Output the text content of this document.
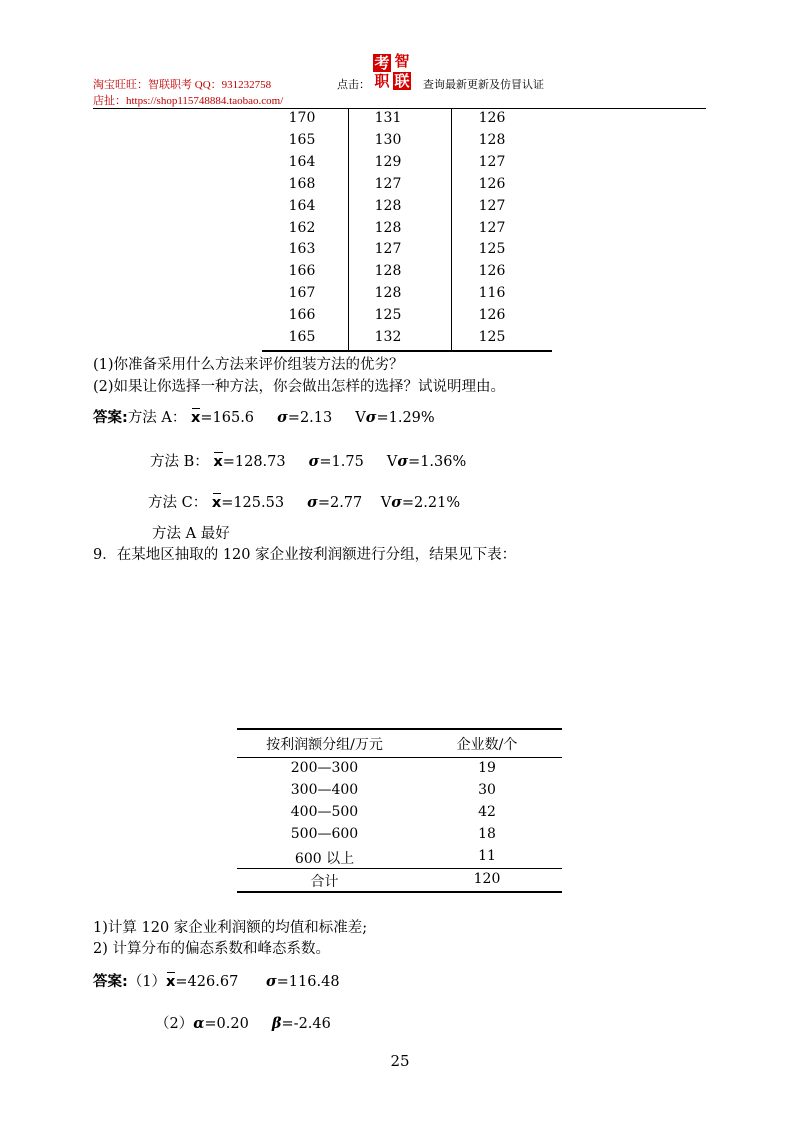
淘宝旺旺：智联职考 QQ：931232758
店扯：https://shop115748884.taobao.com/
点击：
考 智
职 联 查询最新更新及仿冒认证
170	131	126
165	130	128
164	129	127
168	127	126
164	128	127
162	128	127
163	127	125
166	128	126
167	128	116
166	125	126
165	132	125
(1)你准备采用什么方法来评价组装方法的优劣？
(2)如果让你选择一种方法，你会做出怎样的选择？试说明理由。
答案:方法 A： x=165.6 σ=2.13 Vσ=1.29%
方法 B： x=128.73 σ=1.75 Vσ=1.36%
方法 C： x=125.53 σ=2.77 Vσ=2.21%
方法 A 最好
9．在某地区抽取的 120 家企业按利润额进行分组，结果见下表：
按利润额分组/万元	企业数/个
200—300	19
300—400	30
400—500	42
500—600	18
600 以上	11
合计	120
1)计算 120 家企业利润额的均值和标准差;
2) 计算分布的偏态系数和峰态系数。
答案:（1）x=426.67 σ=116.48
（2）α=0.20 β=-2.46
25
